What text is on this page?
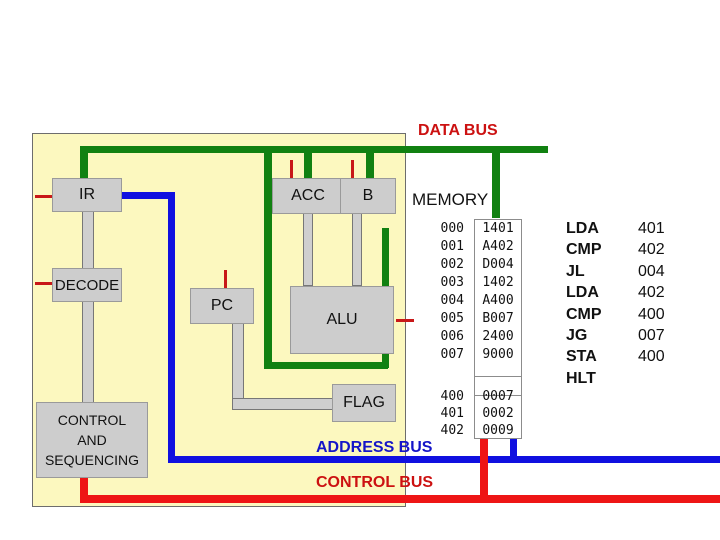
IR	ACC B
DECODE
PC
ALU
FLAG
CONTROL
AND
SEQUENCING
DATA BUS
ADDRESS BUS
CONTROL BUS
MEMORY
000
001
002
003
004
005
006
007
1401
A402
D004
1402
A400
B007
2400
9000
400
401
402
0007
0002
0009
LDA
CMP
JL
LDA
CMP
JG
STA
HLT
401
402
004
402
400
007
400
